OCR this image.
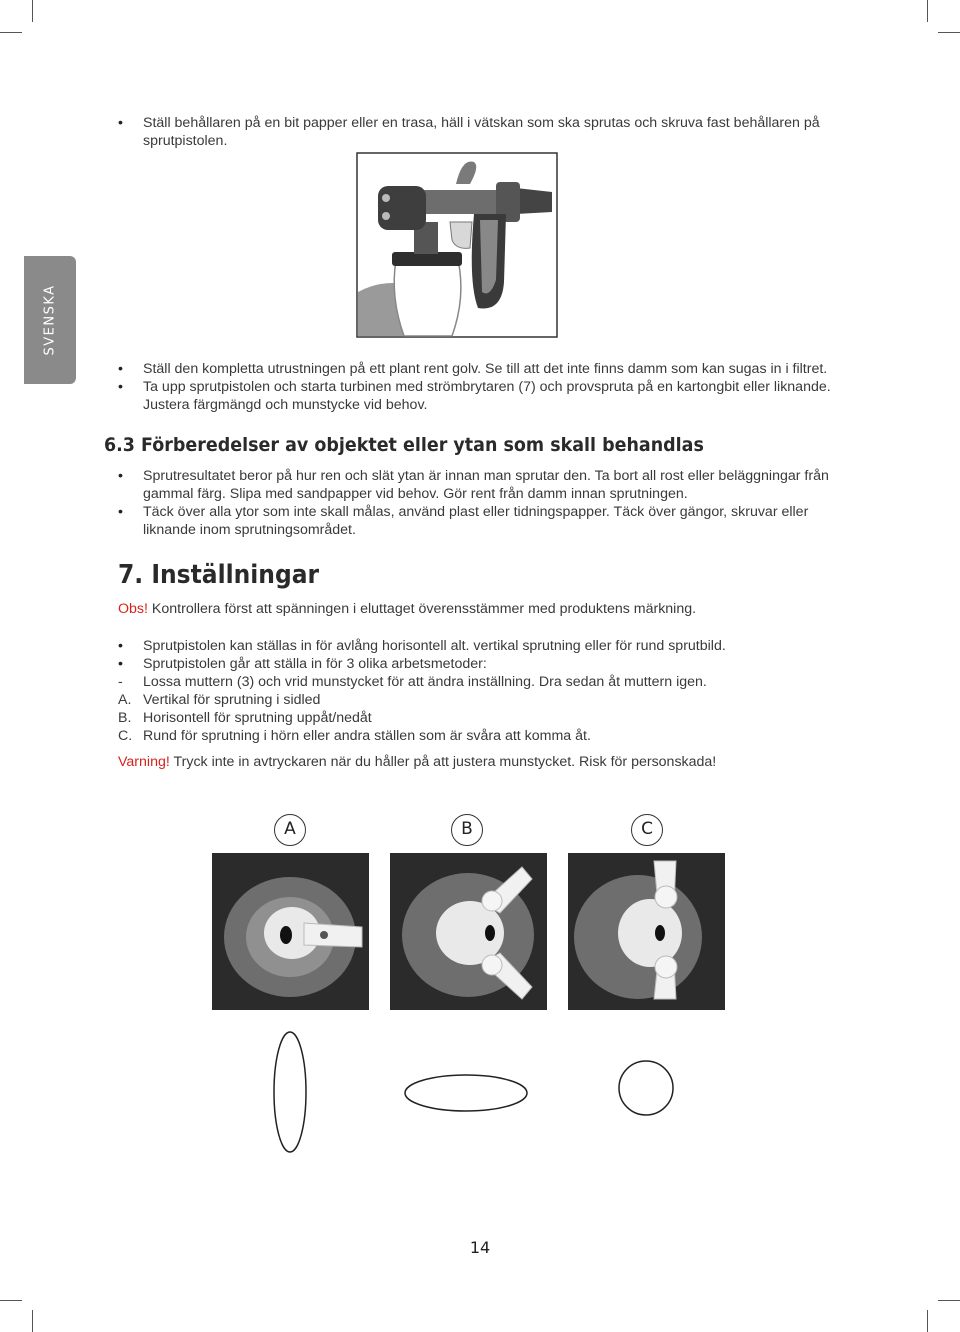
SVENSKA
• Ställ behållaren på en bit papper eller en trasa, häll i vätskan som ska sprutas och skruva fast behållaren på sprutpistolen.
• Ställ den kompletta utrustningen på ett plant rent golv. Se till att det inte finns damm som kan sugas in i filtret.
• Ta upp sprutpistolen och starta turbinen med strömbrytaren (7) och provspruta på en kartongbit eller liknande. Justera färgmängd och munstycke vid behov.
6.3 Förberedelser av objektet eller ytan som skall behandlas
• Sprutresultatet beror på hur ren och slät ytan är innan man sprutar den. Ta bort all rost eller beläggningar från gammal färg. Slipa med sandpapper vid behov. Gör rent från damm innan sprutningen.
• Täck över alla ytor som inte skall målas, använd plast eller tidningspapper. Täck över gängor, skruvar eller liknande inom sprutningsområdet.
7. Inställningar

Obs! Kontrollera först att spänningen i eluttaget överensstämmer med produktens märkning.

• Sprutpistolen kan ställas in för avlång horisontell alt. vertikal sprutning eller för rund sprutbild.
• Sprutpistolen går att ställa in för 3 olika arbetsmetoder:
- Lossa muttern (3) och vrid munstycket för att ändra inställning. Dra sedan åt muttern igen.
A. Vertikal för sprutning i sidled
B. Horisontell för sprutning uppåt/nedåt
C. Rund för sprutning i hörn eller andra ställen som är svåra att komma åt.

Varning! Tryck inte in avtryckaren när du håller på att justera munstycket. Risk för personskada!

A	B	C
14
